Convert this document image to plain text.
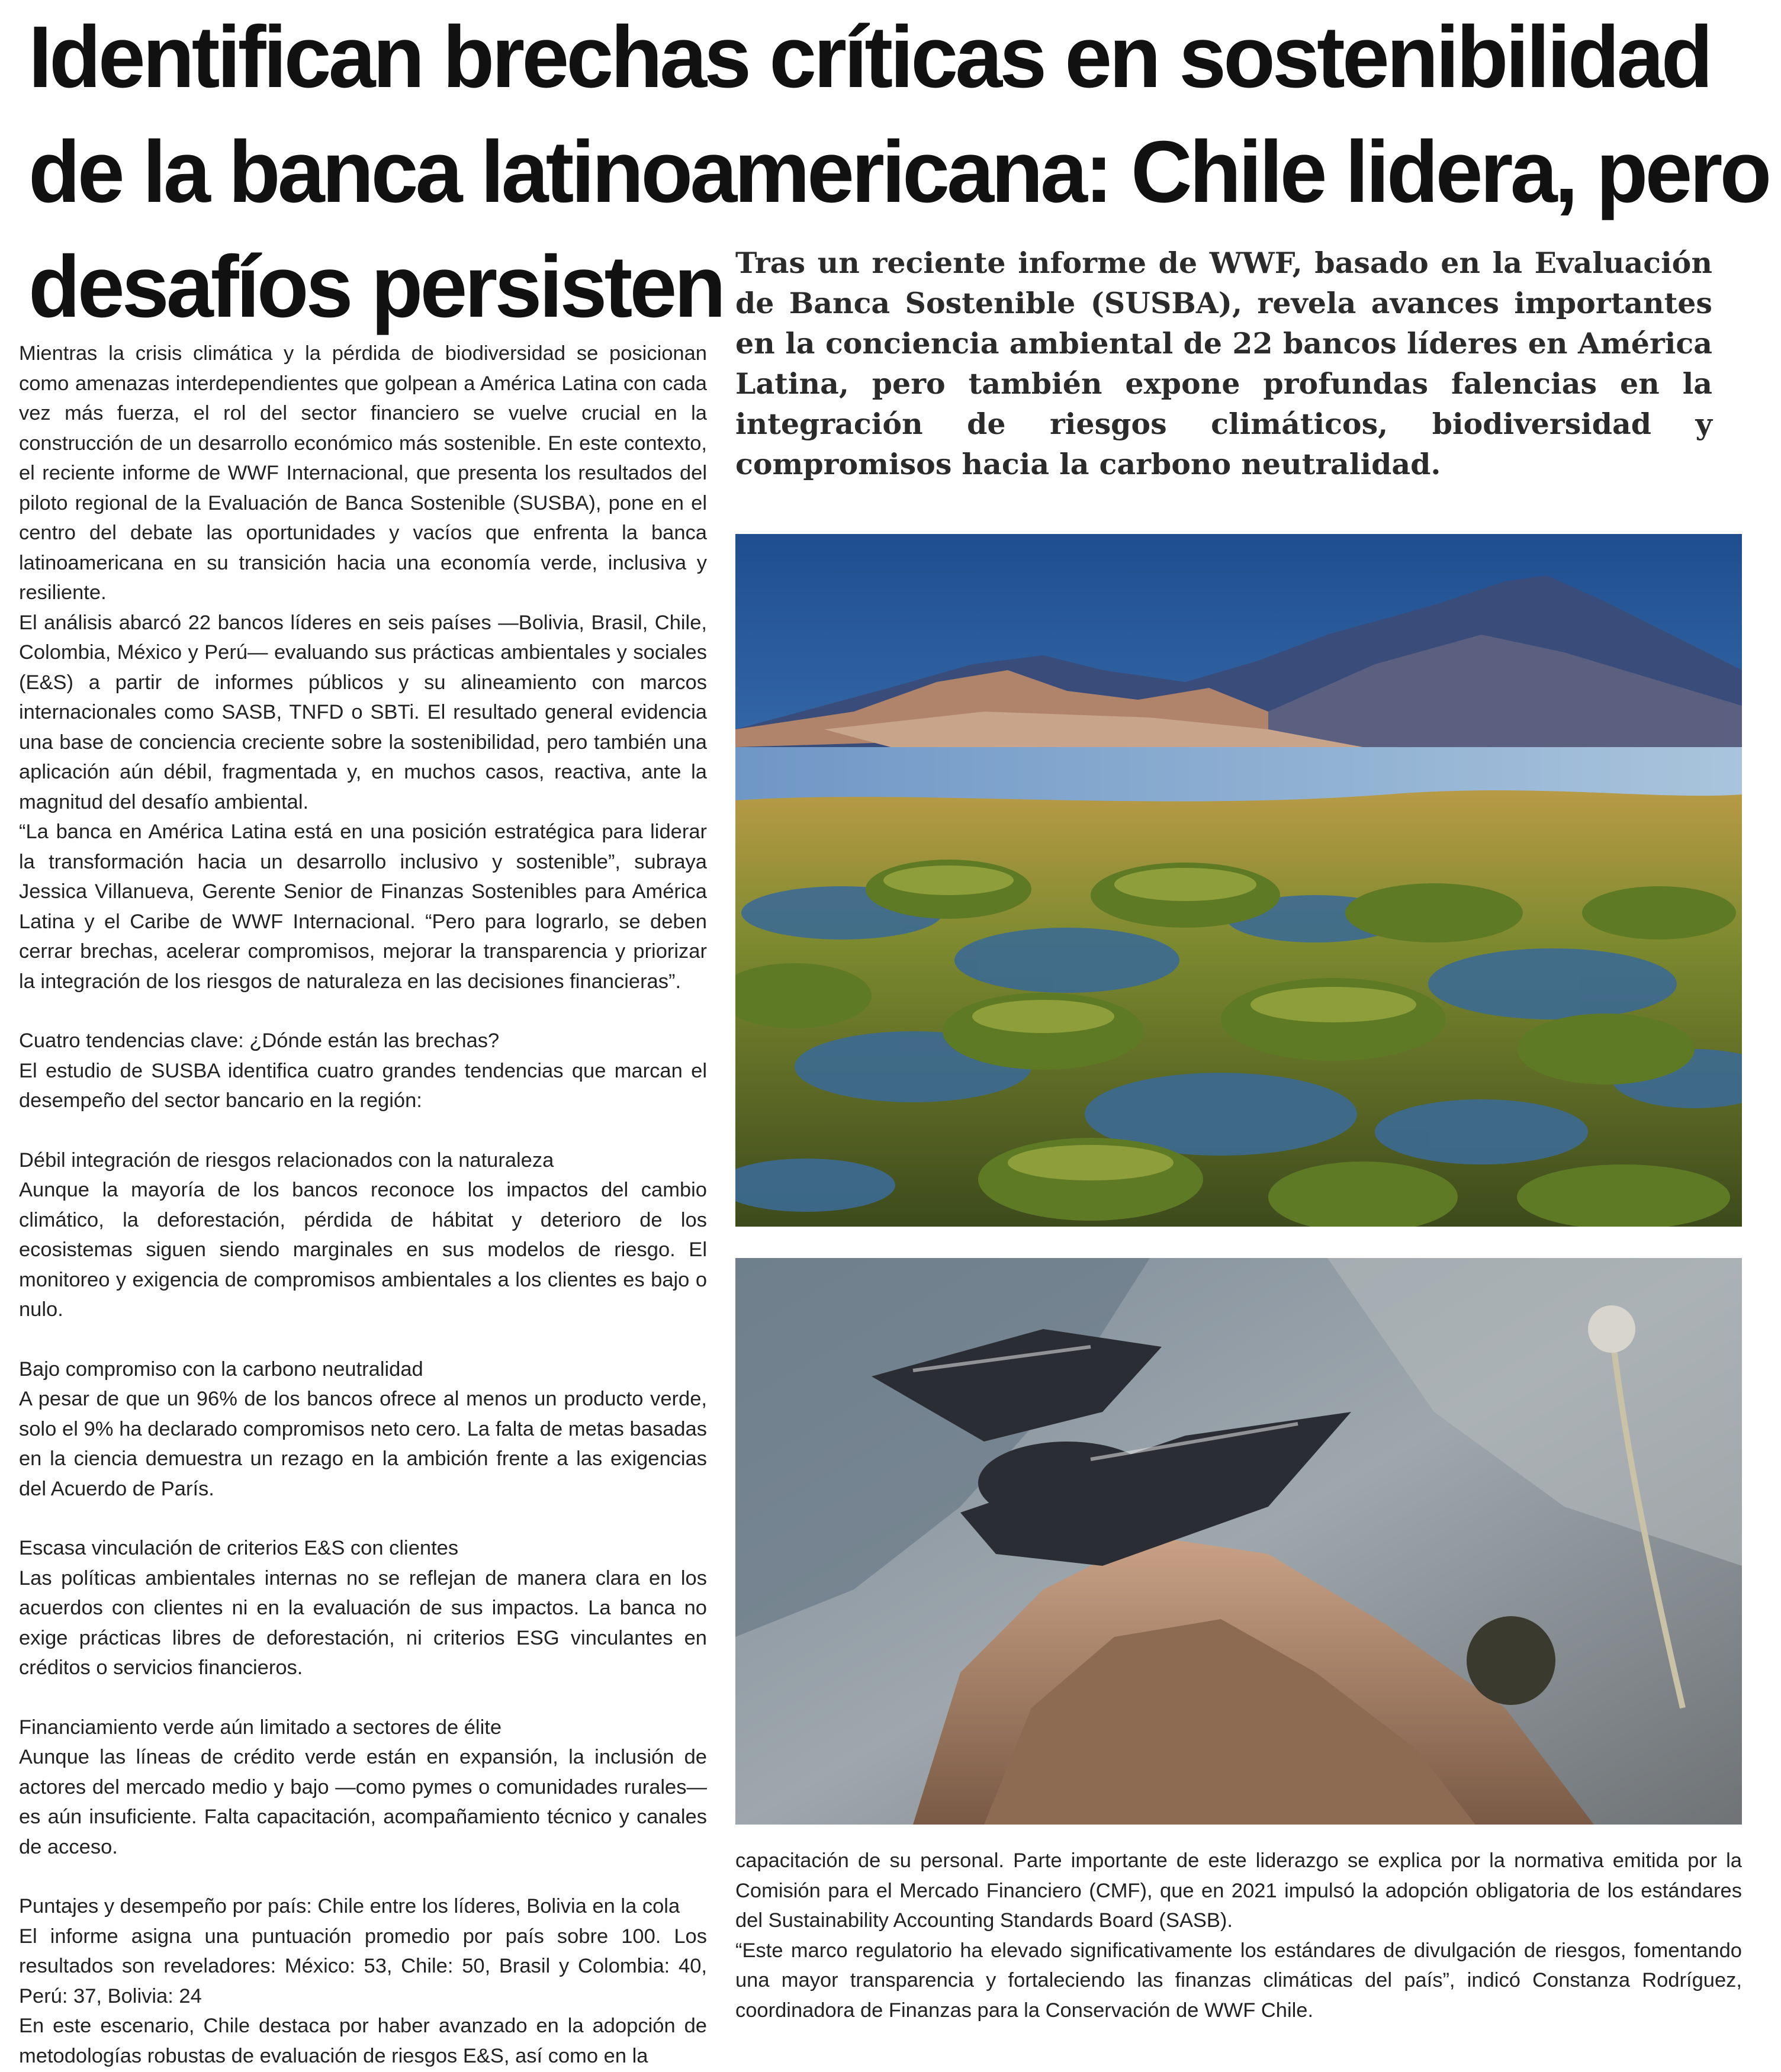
Identifican brechas críticas en sostenibilidad
de la banca latinoamericana: Chile lidera, pero
desafíos persisten Tras un reciente informe de WWF, basado en la Evaluación de Banca Sostenible (SUSBA), revela avances importantes en la conciencia ambiental de 22 bancos líderes en América Latina, pero también expone profundas falencias en la integración de riesgos climáticos, biodiversidad y compromisos hacia la carbono neutralidad.

Mientras la crisis climática y la pérdida de biodiversidad se posicionan como amenazas interdependientes que golpean a América Latina con cada vez más fuerza, el rol del sector financiero se vuelve crucial en la construcción de un desarrollo económico más sostenible. En este contexto, el reciente informe de WWF Internacional, que presenta los resultados del piloto regional de la Evaluación de Banca Sostenible (SUSBA), pone en el centro del debate las oportunidades y vacíos que enfrenta la banca latinoamericana en su transición hacia una economía verde, inclusiva y resiliente.

El análisis abarcó 22 bancos líderes en seis países —Bolivia, Brasil, Chile, Colombia, México y Perú— evaluando sus prácticas ambientales y sociales (E&S) a partir de informes públicos y su alineamiento con marcos internacionales como SASB, TNFD o SBTi. El resultado general evidencia una base de conciencia creciente sobre la sostenibilidad, pero también una aplicación aún débil, fragmentada y, en muchos casos, reactiva, ante la magnitud del desafío ambiental.

“La banca en América Latina está en una posición estratégica para liderar la transformación hacia un desarrollo inclusivo y sostenible”, subraya Jessica Villanueva, Gerente Senior de Finanzas Sostenibles para América Latina y el Caribe de WWF Internacional. “Pero para lograrlo, se deben cerrar brechas, acelerar compromisos, mejorar la transparencia y priorizar la integración de los riesgos de naturaleza en las decisiones financieras”.

Cuatro tendencias clave: ¿Dónde están las brechas?

El estudio de SUSBA identifica cuatro grandes tendencias que marcan el desempeño del sector bancario en la región:

Débil integración de riesgos relacionados con la naturaleza

Aunque la mayoría de los bancos reconoce los impactos del cambio climático, la deforestación, pérdida de hábitat y deterioro de los ecosistemas siguen siendo marginales en sus modelos de riesgo. El monitoreo y exigencia de compromisos ambientales a los clientes es bajo o nulo.

Bajo compromiso con la carbono neutralidad

A pesar de que un 96% de los bancos ofrece al menos un producto verde, solo el 9% ha declarado compromisos neto cero. La falta de metas basadas en la ciencia demuestra un rezago en la ambición frente a las exigencias del Acuerdo de París.

Escasa vinculación de criterios E&S con clientes

Las políticas ambientales internas no se reflejan de manera clara en los acuerdos con clientes ni en la evaluación de sus impactos. La banca no exige prácticas libres de deforestación, ni criterios ESG vinculantes en créditos o servicios financieros.

Financiamiento verde aún limitado a sectores de élite

Aunque las líneas de crédito verde están en expansión, la inclusión de actores del mercado medio y bajo —como pymes o comunidades rurales— es aún insuficiente. Falta capacitación, acompañamiento técnico y canales de acceso.

Puntajes y desempeño por país: Chile entre los líderes, Bolivia en la cola

El informe asigna una puntuación promedio por país sobre 100. Los resultados son reveladores: México: 53, Chile: 50, Brasil y Colombia: 40, Perú: 37, Bolivia: 24

En este escenario, Chile destaca por haber avanzado en la adopción de metodologías robustas de evaluación de riesgos E&S, así como en la

capacitación de su personal. Parte importante de este liderazgo se explica por la normativa emitida por la Comisión para el Mercado Financiero (CMF), que en 2021 impulsó la adopción obligatoria de los estándares del Sustainability Accounting Standards Board (SASB).

“Este marco regulatorio ha elevado significativamente los estándares de divulgación de riesgos, fomentando una mayor transparencia y fortaleciendo las finanzas climáticas del país”, indicó Constanza Rodríguez, coordinadora de Finanzas para la Conservación de WWF Chile.
